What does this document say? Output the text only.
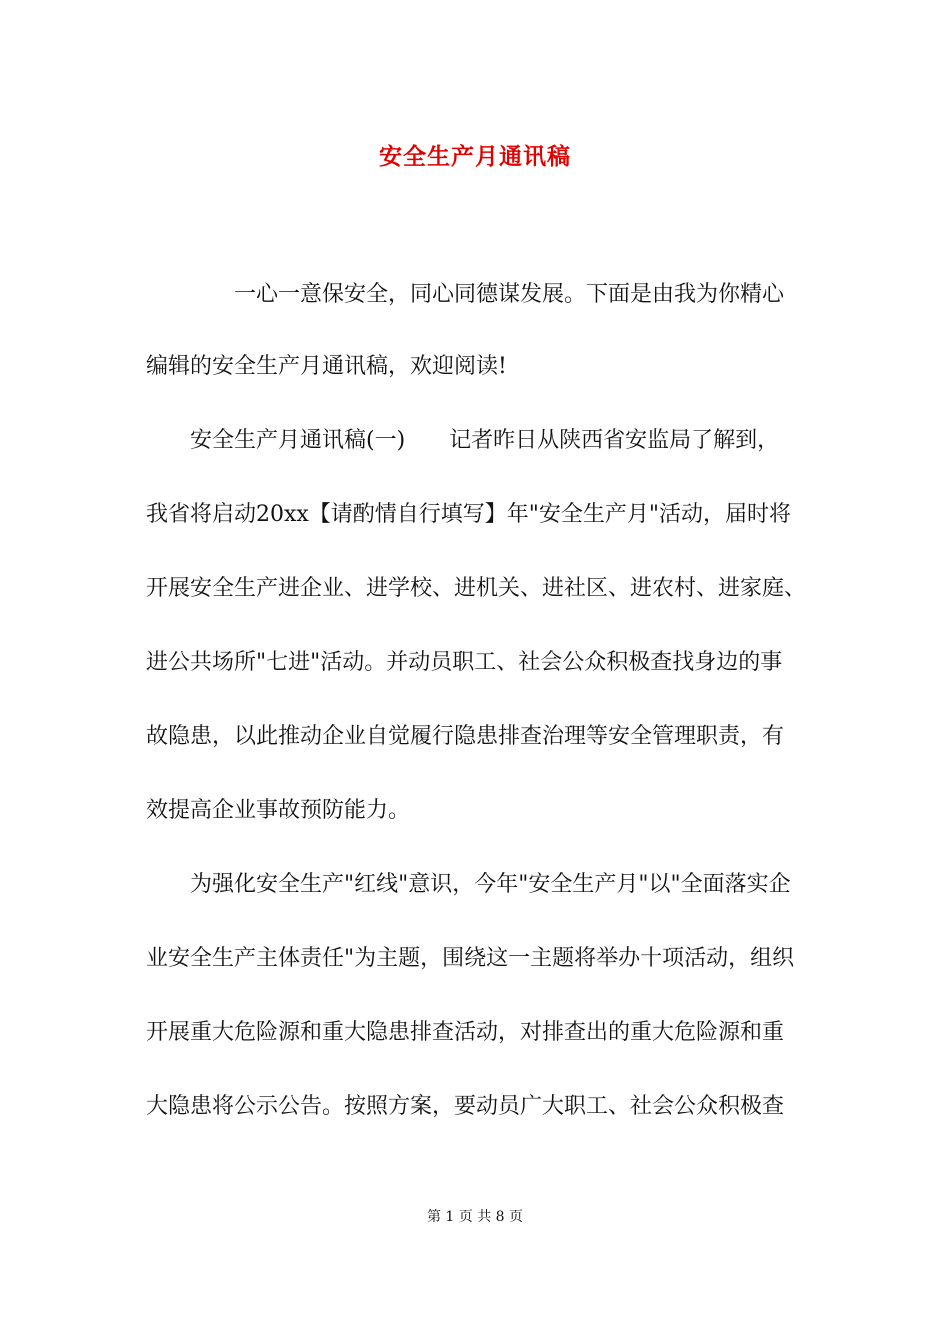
安全生产月通讯稿

一心一意保安全，同心同德谋发展。下面是由我为你精心

编辑的安全生产月通讯稿，欢迎阅读!

安全生产月通讯稿(一)　　记者昨日从陕西省安监局了解到，

我省将启动20xx【请酌情自行填写】年"安全生产月"活动，届时将

开展安全生产进企业、进学校、进机关、进社区、进农村、进家庭、

进公共场所"七进"活动。并动员职工、社会公众积极查找身边的事

故隐患，以此推动企业自觉履行隐患排查治理等安全管理职责，有

效提高企业事故预防能力。

为强化安全生产"红线"意识，今年"安全生产月"以"全面落实企

业安全生产主体责任"为主题，围绕这一主题将举办十项活动，组织

开展重大危险源和重大隐患排查活动，对排查出的重大危险源和重

大隐患将公示公告。按照方案，要动员广大职工、社会公众积极查

第 1 页 共 8 页
